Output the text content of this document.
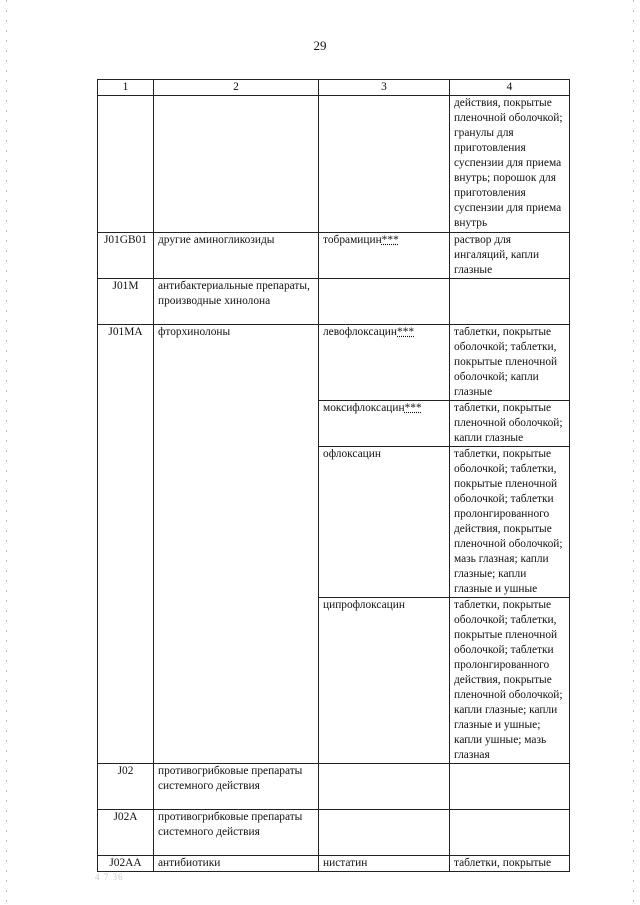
29
1	2	3	4
			действия, покрытые пленочной оболочкой; гранулы для приготовления суспензии для приема внутрь; порошок для приготовления суспензии для приема внутрь
J01GB01	другие аминогликозиды	тобрамицин***	раствор для ингаляций, капли глазные
J01M	антибактериальные препараты, производные хинолона		
J01MA	фторхинолоны	левофлоксацин***	таблетки, покрытые оболочкой; таблетки, покрытые пленочной оболочкой; капли глазные
		моксифлоксацин***	таблетки, покрытые пленочной оболочкой; капли глазные
		офлоксацин	таблетки, покрытые оболочкой; таблетки, покрытые пленочной оболочкой; таблетки пролонгированного действия, покрытые пленочной оболочкой; мазь глазная; капли глазные; капли глазные и ушные
		ципрофлоксацин	таблетки, покрытые оболочкой; таблетки, покрытые пленочной оболочкой; таблетки пролонгированного действия, покрытые пленочной оболочкой; капли глазные; капли глазные и ушные; капли ушные; мазь глазная
J02	противогрибковые препараты системного действия		
J02A	противогрибковые препараты системного действия		
J02AA	антибиотики	нистатин	таблетки, покрытые
4 7 36
